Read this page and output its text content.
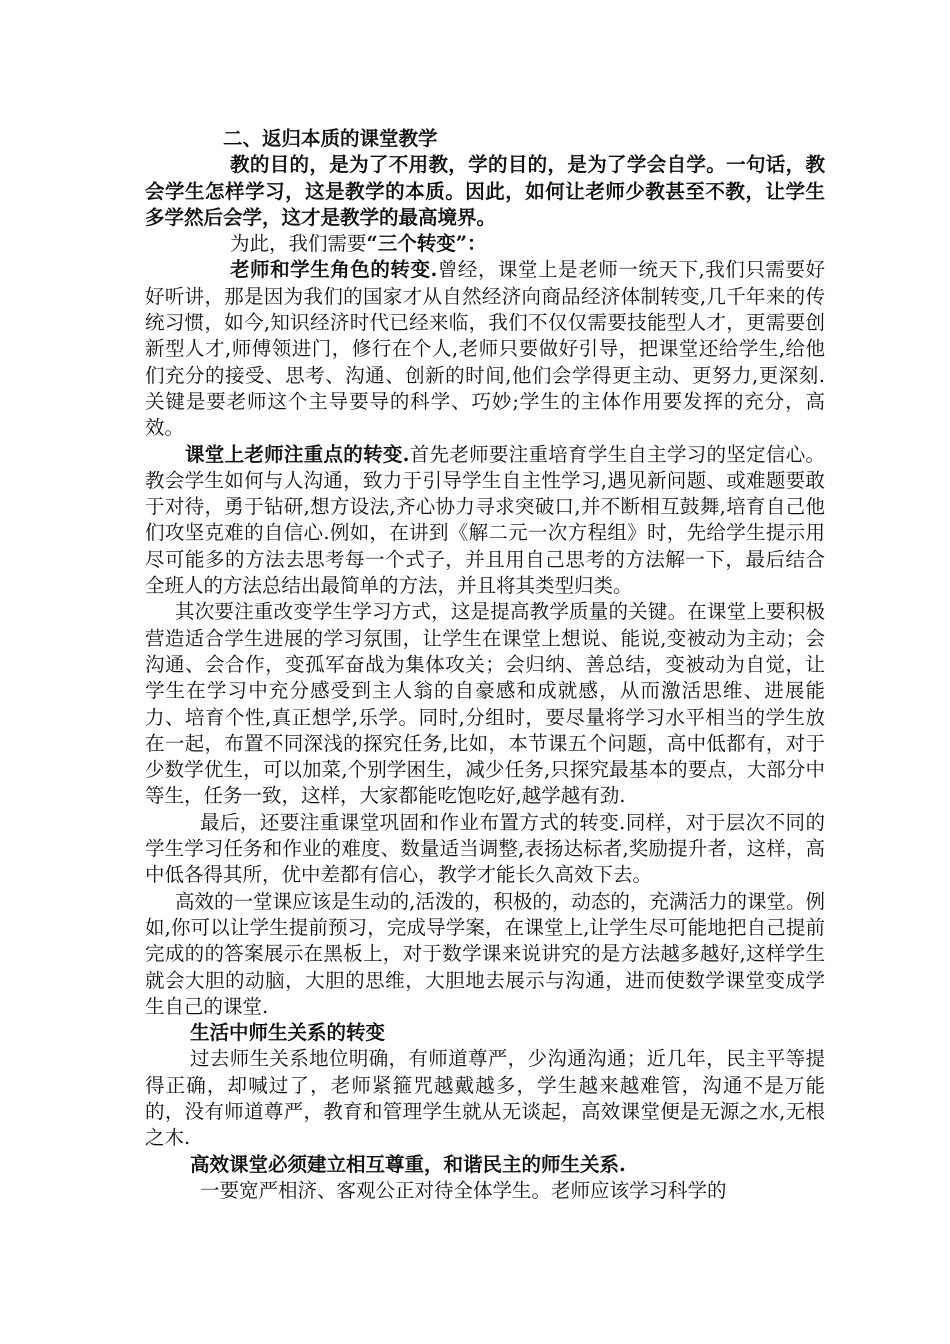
二、返归本质的课堂教学

教的目的，是为了不用教，学的目的，是为了学会自学。一句话，教会学生怎样学习，这是教学的本质。因此，如何让老师少教甚至不教，让学生多学然后会学，这才是教学的最高境界。

为此，我们需要“三个转变”：

老师和学生角色的转变.曾经，课堂上是老师一统天下,我们只需要好好听讲，那是因为我们的国家才从自然经济向商品经济体制转变,几千年来的传统习惯，如今,知识经济时代已经来临，我们不仅仅需要技能型人才，更需要创新型人才,师傅领进门，修行在个人,老师只要做好引导，把课堂还给学生,给他们充分的接受、思考、沟通、创新的时间,他们会学得更主动、更努力,更深刻.关键是要老师这个主导要导的科学、巧妙;学生的主体作用要发挥的充分，高效。

课堂上老师注重点的转变.首先老师要注重培育学生自主学习的坚定信心。教会学生如何与人沟通，致力于引导学生自主性学习,遇见新问题、或难题要敢于对待，勇于钻研,想方设法,齐心协力寻求突破口,并不断相互鼓舞,培育自己他们攻坚克难的自信心.例如，在讲到《解二元一次方程组》时，先给学生提示用尽可能多的方法去思考每一个式子，并且用自己思考的方法解一下，最后结合全班人的方法总结出最简单的方法，并且将其类型归类。

其次要注重改变学生学习方式，这是提高教学质量的关键。在课堂上要积极营造适合学生进展的学习氛围，让学生在课堂上想说、能说,变被动为主动；会沟通、会合作，变孤军奋战为集体攻关；会归纳、善总结，变被动为自觉，让学生在学习中充分感受到主人翁的自豪感和成就感，从而激活思维、进展能力、培育个性,真正想学,乐学。同时,分组时，要尽量将学习水平相当的学生放在一起，布置不同深浅的探究任务,比如，本节课五个问题，高中低都有，对于少数学优生，可以加菜,个别学困生，减少任务,只探究最基本的要点，大部分中等生，任务一致，这样，大家都能吃饱吃好,越学越有劲.

最后，还要注重课堂巩固和作业布置方式的转变.同样，对于层次不同的学生学习任务和作业的难度、数量适当调整,表扬达标者,奖励提升者，这样，高中低各得其所，优中差都有信心，教学才能长久高效下去。

高效的一堂课应该是生动的,活泼的，积极的，动态的，充满活力的课堂。例如,你可以让学生提前预习，完成导学案，在课堂上,让学生尽可能地把自己提前完成的的答案展示在黑板上，对于数学课来说讲究的是方法越多越好,这样学生就会大胆的动脑，大胆的思维，大胆地去展示与沟通，进而使数学课堂变成学生自己的课堂.

生活中师生关系的转变

过去师生关系地位明确，有师道尊严，少沟通沟通；近几年，民主平等提得正确，却喊过了，老师紧箍咒越戴越多，学生越来越难管，沟通不是万能的，没有师道尊严，教育和管理学生就从无谈起，高效课堂便是无源之水,无根之木.

高效课堂必须建立相互尊重，和谐民主的师生关系.

一要宽严相济、客观公正对待全体学生。老师应该学习科学的
